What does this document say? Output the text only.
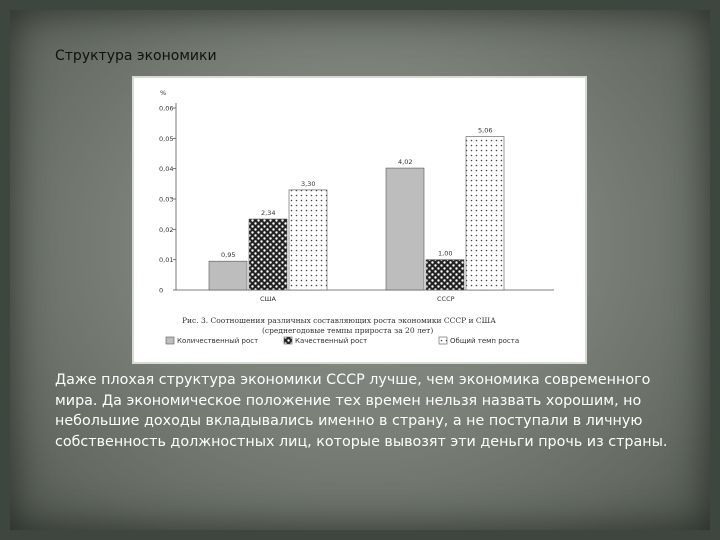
Структура экономики
%
0
0,01
0,02
0,03
0,04
0,05
0,06
0,95
2,34
3,30
4,02
1,00
5,06
США	СССР
Рис. 3. Соотношения различных составляющих роста экономики СССР и США
(среднегодовые темпы прироста за 20 лет)
Количественный рост	Качественный рост	Общий темп роста
Даже плохая структура экономики СССР лучше, чем экономика современного мира. Да экономическое положение тех времен нельзя назвать хорошим, но небольшие доходы вкладывались именно в страну, а не поступали в личную собственность должностных лиц, которые вывозят эти деньги прочь из страны.
